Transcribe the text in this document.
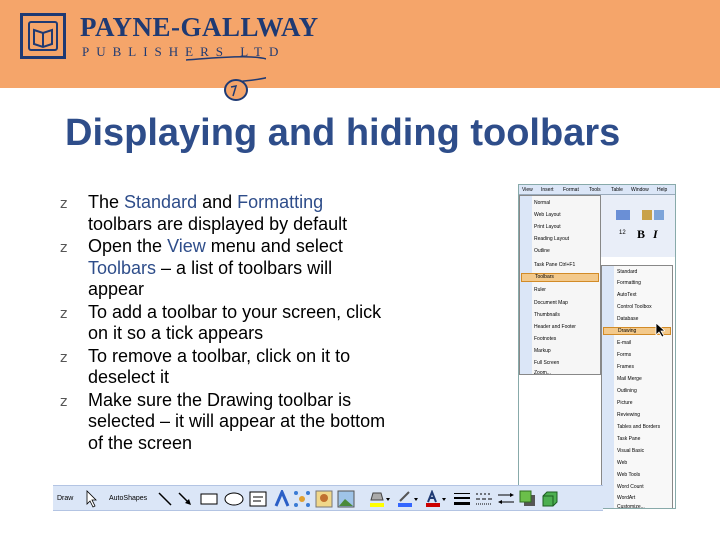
PAYNE-GALLWAY
PUBLISHERS LTD
Displaying and hiding toolbars
z The Standard and Formatting toolbars are displayed by default
z Open the View menu and select Toolbars – a list of toolbars will appear
z To add a toolbar to your screen, click on it so a tick appears
z To remove a toolbar, click on it to deselect it
z Make sure the Drawing toolbar is selected – it will appear at the bottom of the screen
View Insert Format Tools Table Window Help
12 B I
Normal
Web Layout
Print Layout
Reading Layout
Outline
Task Pane Ctrl+F1
Toolbars
Ruler
Document Map
Thumbnails
Header and Footer
Footnotes
Markup
Full Screen
Zoom...
Standard
Formatting
AutoText
Control Toolbox
Database
Drawing
E-mail
Forms
Frames
Mail Merge
Outlining
Picture
Reviewing
Tables and Borders
Task Pane
Visual Basic
Web
Web Tools
Word Count
WordArt
Customize...
Draw	AutoShapes
